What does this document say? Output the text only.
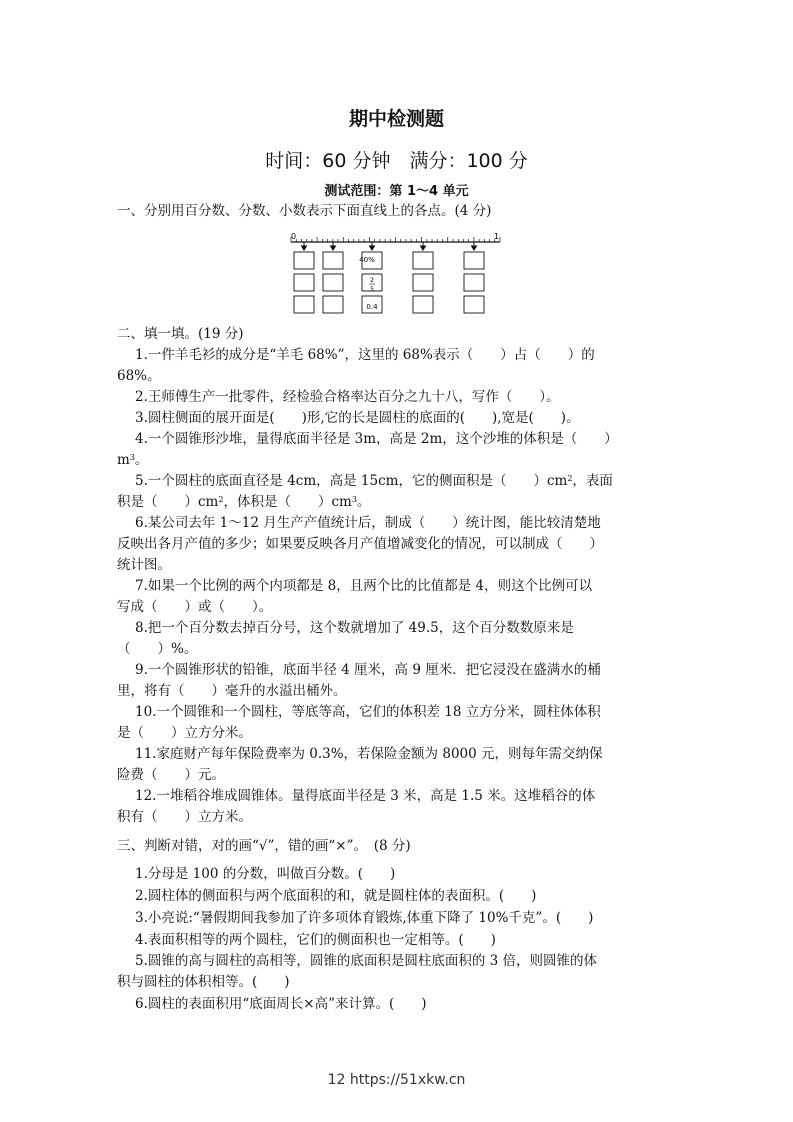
期中检测题
时间：60 分钟　满分：100 分
测试范围：第 1～4 单元
一、分别用百分数、分数、小数表示下面直线上的各点。(4 分)
0	1
40%
2
5
0.4
二、填一填。(19 分)
1.一件羊毛衫的成分是“羊毛 68%”，这里的 68%表示（　　）占（　　）的
68%。
2.王师傅生产一批零件，经检验合格率达百分之九十八，写作（　　）。
3.圆柱侧面的展开面是(　　)形,它的长是圆柱的底面的(　　),宽是(　　)。
4.一个圆锥形沙堆，量得底面半径是 3m，高是 2m，这个沙堆的体积是（　　）
$m^3$。
5.一个圆柱的底面直径是 4cm，高是 15cm，它的侧面积是（　　）$cm^2$，表面
积是（　　）$cm^2$，体积是（　　）$cm^3$。
6.某公司去年 1～12 月生产产值统计后，制成（　　）统计图，能比较清楚地
反映出各月产值的多少；如果要反映各月产值增减变化的情况，可以制成（　　）
统计图。
7.如果一个比例的两个内项都是 8，且两个比的比值都是 4，则这个比例可以
写成（　　）或（　　）。
8.把一个百分数去掉百分号，这个数就增加了 49.5，这个百分数数原来是
（　　）%。
9.一个圆锥形状的铅锥，底面半径 4 厘米，高 9 厘米．把它浸没在盛满水的桶
里，将有（　　）毫升的水溢出桶外。
10.一个圆锥和一个圆柱，等底等高，它们的体积差 18 立方分米，圆柱体体积
是（　　）立方分米。
11.家庭财产每年保险费率为 0.3%，若保险金额为 8000 元，则每年需交纳保
险费（　　）元。
12.一堆稻谷堆成圆锥体。量得底面半径是 3 米，高是 1.5 米。这堆稻谷的体
积有（　　）立方米。
三、判断对错，对的画“√”，错的画“×”。　(8 分)
1.分母是 100 的分数，叫做百分数。(　　)
2.圆柱体的侧面积与两个底面积的和，就是圆柱体的表面积。(　　)
3.小亮说:“暑假期间我参加了许多项体育锻炼,体重下降了 10%千克”。(　　)
4.表面积相等的两个圆柱，它们的侧面积也一定相等。(　　)
5.圆锥的高与圆柱的高相等，圆锥的底面积是圆柱底面积的 3 倍，则圆锥的体
积与圆柱的体积相等。(　　)
6.圆柱的表面积用“底面周长×高”来计算。(　　)
12 https://51xkw.cn
